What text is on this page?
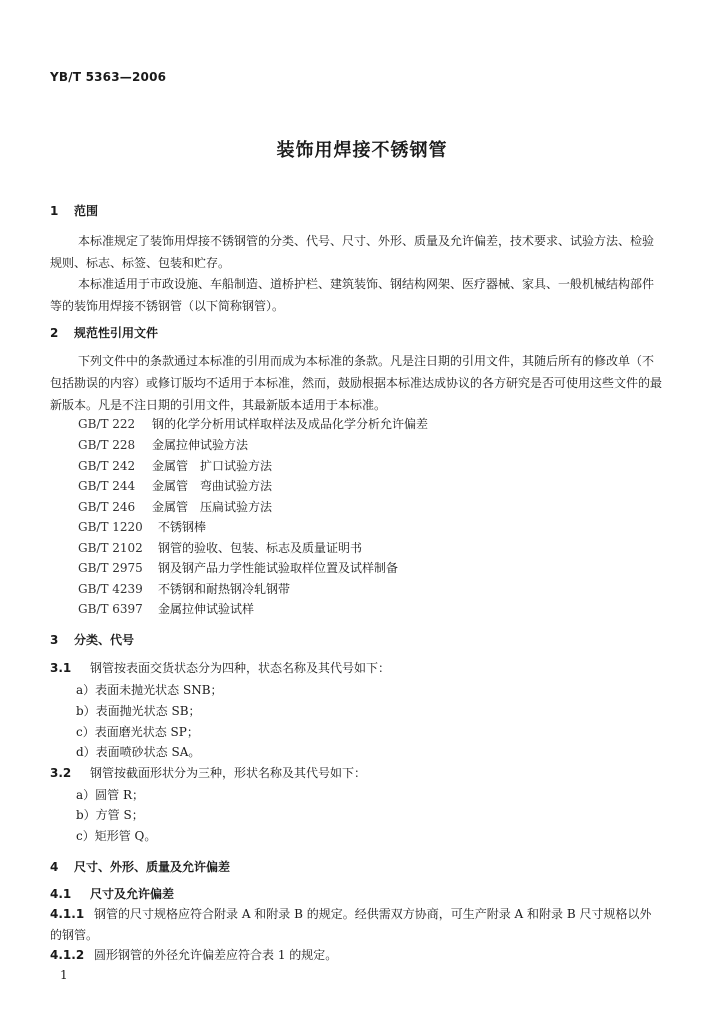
YB/T 5363—2006
装饰用焊接不锈钢管
1 范围
本标准规定了装饰用焊接不锈钢管的分类、代号、尺寸、外形、质量及允许偏差，技术要求、试验方法、检验规则、标志、标签、包装和贮存。
本标准适用于市政设施、车船制造、道桥护栏、建筑装饰、钢结构网架、医疗器械、家具、一般机械结构部件等的装饰用焊接不锈钢管（以下简称钢管）。
2 规范性引用文件
下列文件中的条款通过本标准的引用而成为本标准的条款。凡是注日期的引用文件，其随后所有的修改单（不包括勘误的内容）或修订版均不适用于本标准，然而，鼓励根据本标准达成协议的各方研究是否可使用这些文件的最新版本。凡是不注日期的引用文件，其最新版本适用于本标准。
GB/T 222 钢的化学分析用试样取样法及成品化学分析允许偏差
GB/T 228 金属拉伸试验方法
GB/T 242 金属管　扩口试验方法
GB/T 244 金属管　弯曲试验方法
GB/T 246 金属管　压扁试验方法
GB/T 1220 不锈钢棒
GB/T 2102 钢管的验收、包装、标志及质量证明书
GB/T 2975 钢及钢产品力学性能试验取样位置及试样制备
GB/T 4239 不锈钢和耐热钢冷轧钢带
GB/T 6397 金属拉伸试验试样
3 分类、代号
3.1 钢管按表面交货状态分为四种，状态名称及其代号如下：
a）表面未抛光状态 SNB；
b）表面抛光状态 SB；
c）表面磨光状态 SP；
d）表面喷砂状态 SA。
3.2 钢管按截面形状分为三种，形状名称及其代号如下：
a）圆管 R；
b）方管 S；
c）矩形管 Q。
4 尺寸、外形、质量及允许偏差
4.1 尺寸及允许偏差
4.1.1 钢管的尺寸规格应符合附录 A 和附录 B 的规定。经供需双方协商，可生产附录 A 和附录 B 尺寸规格以外的钢管。
4.1.2 圆形钢管的外径允许偏差应符合表 1 的规定。
1
